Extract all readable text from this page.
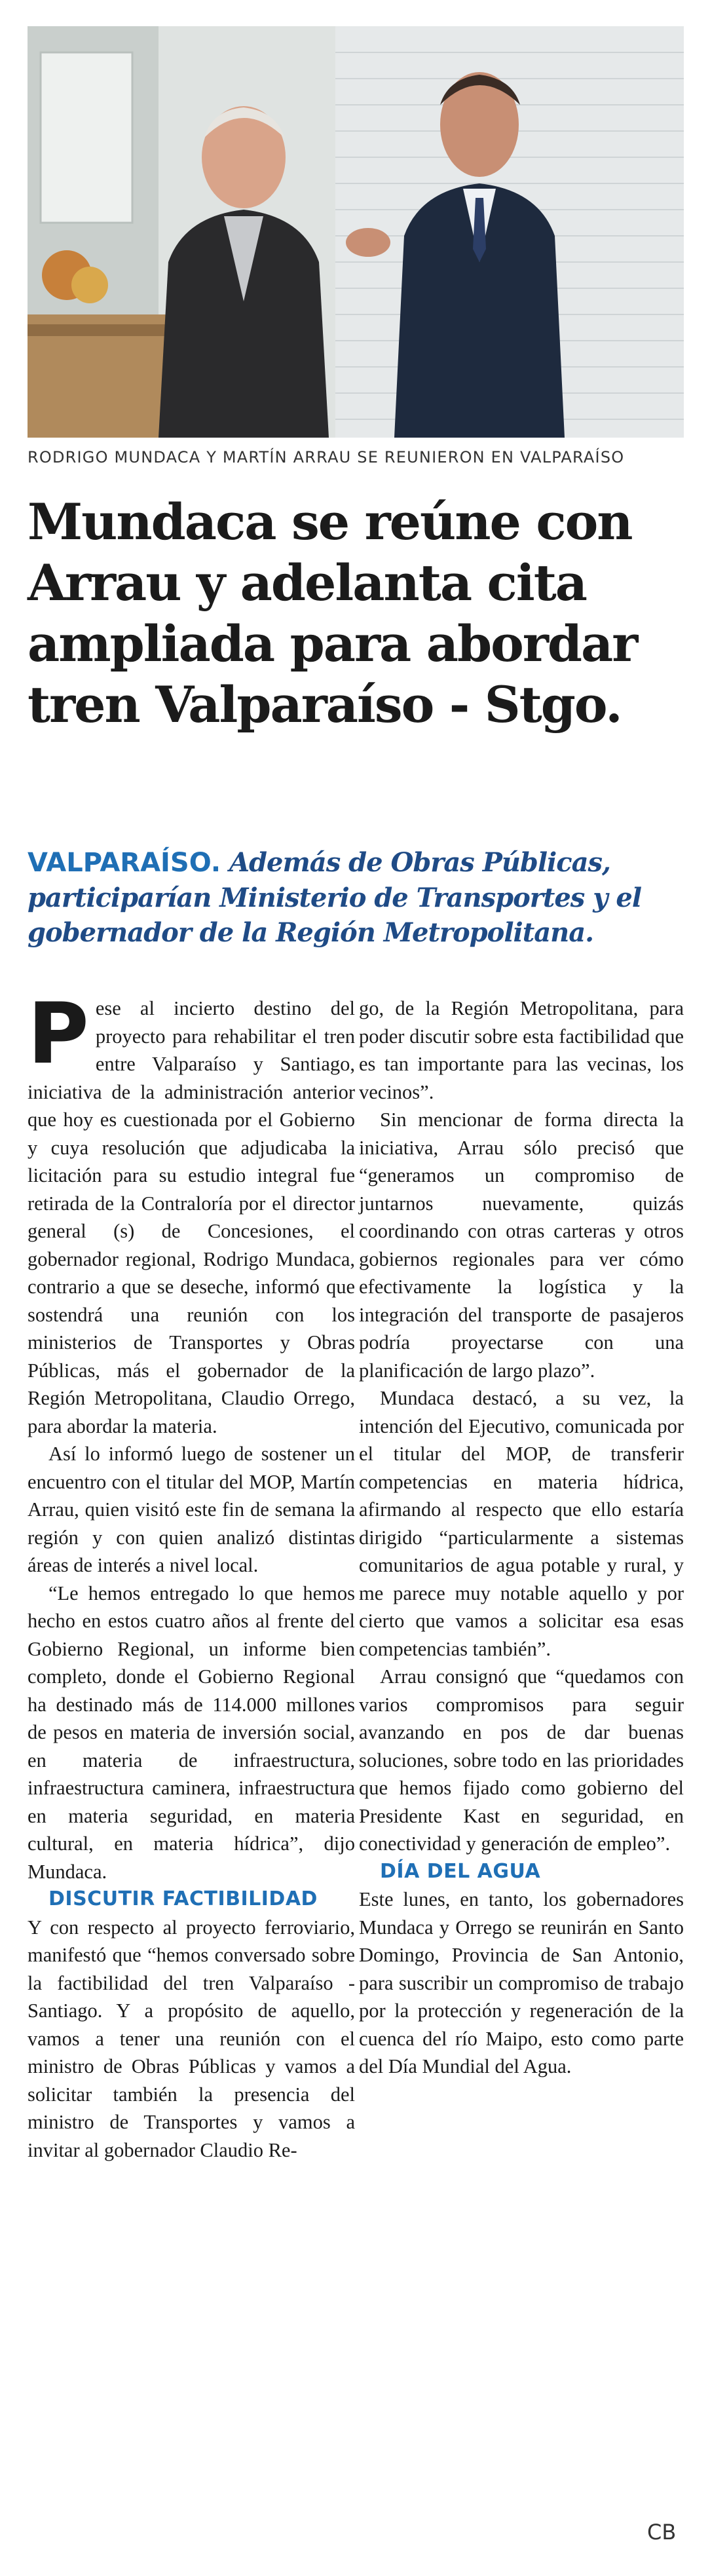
RODRIGO MUNDACA Y MARTÍN ARRAU SE REUNIERON EN VALPARAÍSO
Mundaca se reúne con Arrau y adelanta cita ampliada para abordar tren Valparaíso - Stgo.

VALPARAÍSO. Además de Obras Públicas, participarían Ministerio de Transportes y el gobernador de la Región Metropolitana.

Pese al incierto destino del proyecto para rehabilitar el tren entre Valparaíso y Santiago, iniciativa de la administración anterior que hoy es cuestionada por el Gobierno y cuya resolución que adjudicaba la licitación para su estudio integral fue retirada de la Contraloría por el director general (s) de Concesiones, el gobernador regional, Rodrigo Mundaca, contrario a que se deseche, informó que sostendrá una reunión con los ministerios de Transportes y Obras Públicas, más el gobernador de la Región Metropolitana, Claudio Orrego, para abordar la materia.

Así lo informó luego de sostener un encuentro con el titular del MOP, Martín Arrau, quien visitó este fin de semana la región y con quien analizó distintas áreas de interés a nivel local.

“Le hemos entregado lo que hemos hecho en estos cuatro años al frente del Gobierno Regional, un informe bien completo, donde el Gobierno Regional ha destinado más de 114.000 millones de pesos en materia de inversión social, en materia de infraestructura, infraestructura caminera, infraestructura en materia seguridad, en materia cultural, en materia hídrica”, dijo Mundaca.

DISCUTIR FACTIBILIDAD

Y con respecto al proyecto ferroviario, manifestó que “hemos conversado sobre la factibilidad del tren Valparaíso - Santiago. Y a propósito de aquello, vamos a tener una reunión con el ministro de Obras Públicas y vamos a solicitar también la presencia del ministro de Transportes y vamos a invitar al gobernador Claudio Re-

go, de la Región Metropolitana, para poder discutir sobre esta factibilidad que es tan importante para las vecinas, los vecinos”.

Sin mencionar de forma directa la iniciativa, Arrau sólo precisó que “generamos un compromiso de juntarnos nuevamente, quizás coordinando con otras carteras y otros gobiernos regionales para ver cómo efectivamente la logística y la integración del transporte de pasajeros podría proyectarse con una planificación de largo plazo”.

Mundaca destacó, a su vez, la intención del Ejecutivo, comunicada por el titular del MOP, de transferir competencias en materia hídrica, afirmando al respecto que ello estaría dirigido “particularmente a sistemas comunitarios de agua potable y rural, y me parece muy notable aquello y por cierto que vamos a solicitar esa esas competencias también”.

Arrau consignó que “quedamos con varios compromisos para seguir avanzando en pos de dar buenas soluciones, sobre todo en las prioridades que hemos fijado como gobierno del Presidente Kast en seguridad, en conectividad y generación de empleo”.

DÍA DEL AGUA

Este lunes, en tanto, los gobernadores Mundaca y Orrego se reunirán en Santo Domingo, Provincia de San Antonio, para suscribir un compromiso de trabajo por la protección y regeneración de la cuenca del río Maipo, esto como parte del Día Mundial del Agua.

CB
